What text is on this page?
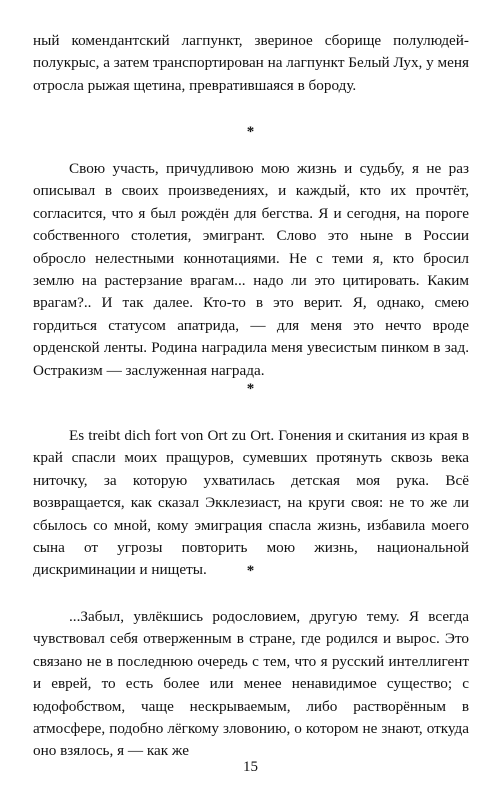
ный комендантский лагпункт, звериное сборище полулюдей-полукрыс, а затем транспортирован на лагпункт Белый Лух, у меня отросла рыжая щетина, превратившаяся в бороду.

*

Свою участь, причудливою мою жизнь и судьбу, я не раз описывал в своих произведениях, и каждый, кто их прочтёт, согласится, что я был рождён для бегства. Я и сегодня, на пороге собственного столетия, эмигрант. Слово это ныне в России обросло нелестными коннотациями. Не с теми я, кто бросил землю на растерзание врагам... надо ли это цитировать. Каким врагам?.. И так далее. Кто-то в это верит. Я, однако, смею гордиться статусом апатрида, — для меня это нечто вроде орденской ленты. Родина наградила меня увесистым пинком в зад. Остракизм — заслуженная награда.

*

Es treibt dich fort von Ort zu Ort. Гонения и скитания из края в край спасли моих пращуров, сумевших протянуть сквозь века ниточку, за которую ухватилась детская моя рука. Всё возвращается, как сказал Экклезиаст, на круги своя: не то же ли сбылось со мной, кому эмиграция спасла жизнь, избавила моего сына от угрозы повторить мою жизнь, национальной дискриминации и нищеты.	*

...Забыл, увлёкшись родословием, другую тему. Я всегда чувствовал себя отверженным в стране, где родился и вырос. Это связано не в последнюю очередь с тем, что я русский интеллигент и еврей, то есть более или менее ненавидимое существо; с юдофобством, чаще нескрываемым, либо растворённым в атмосфере, подобно лёгкому зловонию, о котором не знают, откуда оно взялось, я — как же

15
